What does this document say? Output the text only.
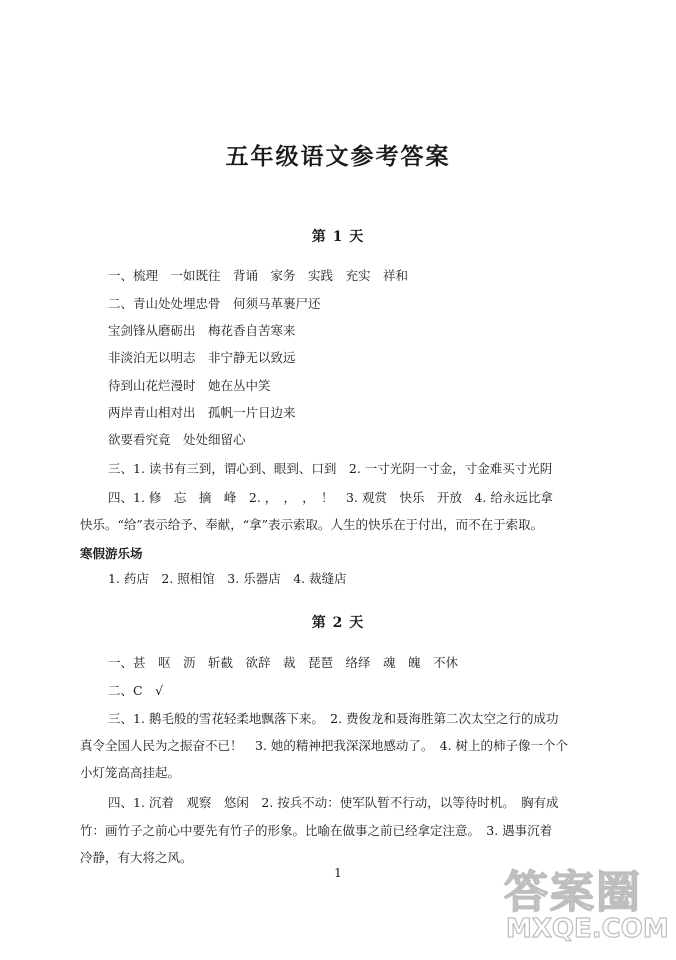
五年级语文参考答案
第 1 天
一、梳理　一如既往　背诵　家务　实践　充实　祥和
二、青山处处埋忠骨　何须马革裹尸还
宝剑锋从磨砺出　梅花香自苦寒来
非淡泊无以明志　非宁静无以致远
待到山花烂漫时　她在丛中笑
两岸青山相对出　孤帆一片日边来
欲要看究竟　处处细留心
三、1. 读书有三到，谓心到、眼到、口到　2. 一寸光阴一寸金，寸金难买寸光阴
四、1. 修　忘　摘　峰　2. ，　，　，　！　3. 观赏　快乐　开放　4. 给永远比拿
快乐。“给”表示给予、奉献，“拿”表示索取。人生的快乐在于付出，而不在于索取。
寒假游乐场
1. 药店　2. 照相馆　3. 乐器店　4. 裁缝店
第 2 天
一、甚　呕　沥　斩截　欲辞　裁　琵琶　络绎　魂　魄　不休
二、C　√
三、1. 鹅毛般的雪花轻柔地飘落下来。　2. 费俊龙和聂海胜第二次太空之行的成功
真令全国人民为之振奋不已！　3. 她的精神把我深深地感动了。　4. 树上的柿子像一个个
小灯笼高高挂起。
四、1. 沉着　观察　悠闲　2. 按兵不动：使军队暂不行动，以等待时机。　胸有成
竹：画竹子之前心中要先有竹子的形象。比喻在做事之前已经拿定注意。　3. 遇事沉着
冷静，有大将之风。
1	答案圈
MXQE.COM
